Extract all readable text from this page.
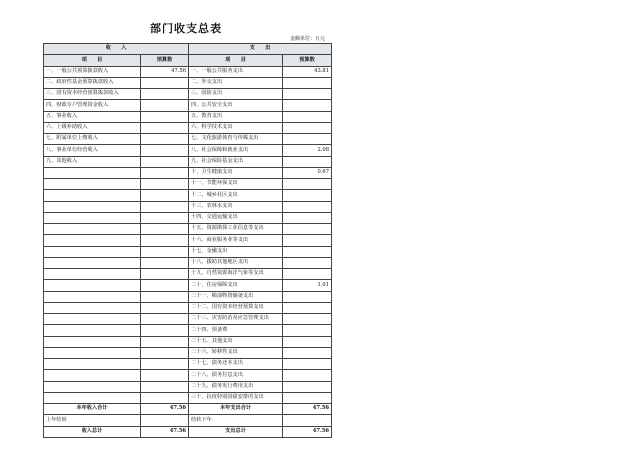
部门收支总表
金额单位：万元
收　　入		支　　出	
项　　目	预算数	项　　目	预算数
一、一般公共预算拨款收入	47.56	一、一般公共服务支出	43.81
二、政府性基金预算拨款收入		二、外交支出	
三、国有资本经营预算拨款收入		三、国防支出	
四、财政专户管理资金收入		四、公共安全支出	
五、事业收入		五、教育支出	
六、上级补助收入		六、科学技术支出	
七、附属单位上缴收入		七、文化旅游体育与传媒支出	
八、事业单位经营收入		八、社会保障和就业支出	2.08
九、其他收入		九、社会保险基金支出	
		十、卫生健康支出	0.67
		十一、节能环保支出	
		十二、城乡社区支出	
		十三、农林水支出	
		十四、交通运输支出	
		十五、资源勘探工业信息等支出	
		十六、商业服务业等支出	
		十七、金融支出	
		十八、援助其他地区支出	
		十九、自然资源海洋气象等支出	
		二十、住房保障支出	1.01
		二十一、粮油物资储备支出	
		二十二、国有资本经营预算支出	
		二十三、灾害防治及应急管理支出	
		二十四、预备费	
		二十五、其他支出	
		二十六、转移性支出	
		二十七、债务还本支出	
		二十八、债务付息支出	
		二十九、债务发行费用支出	
		三十、抗疫特别国债安排的支出	
本年收入合计	47.56	本年支出合计	47.56
上年结转		结转下年	
收入总计	47.56	支出总计	47.56
